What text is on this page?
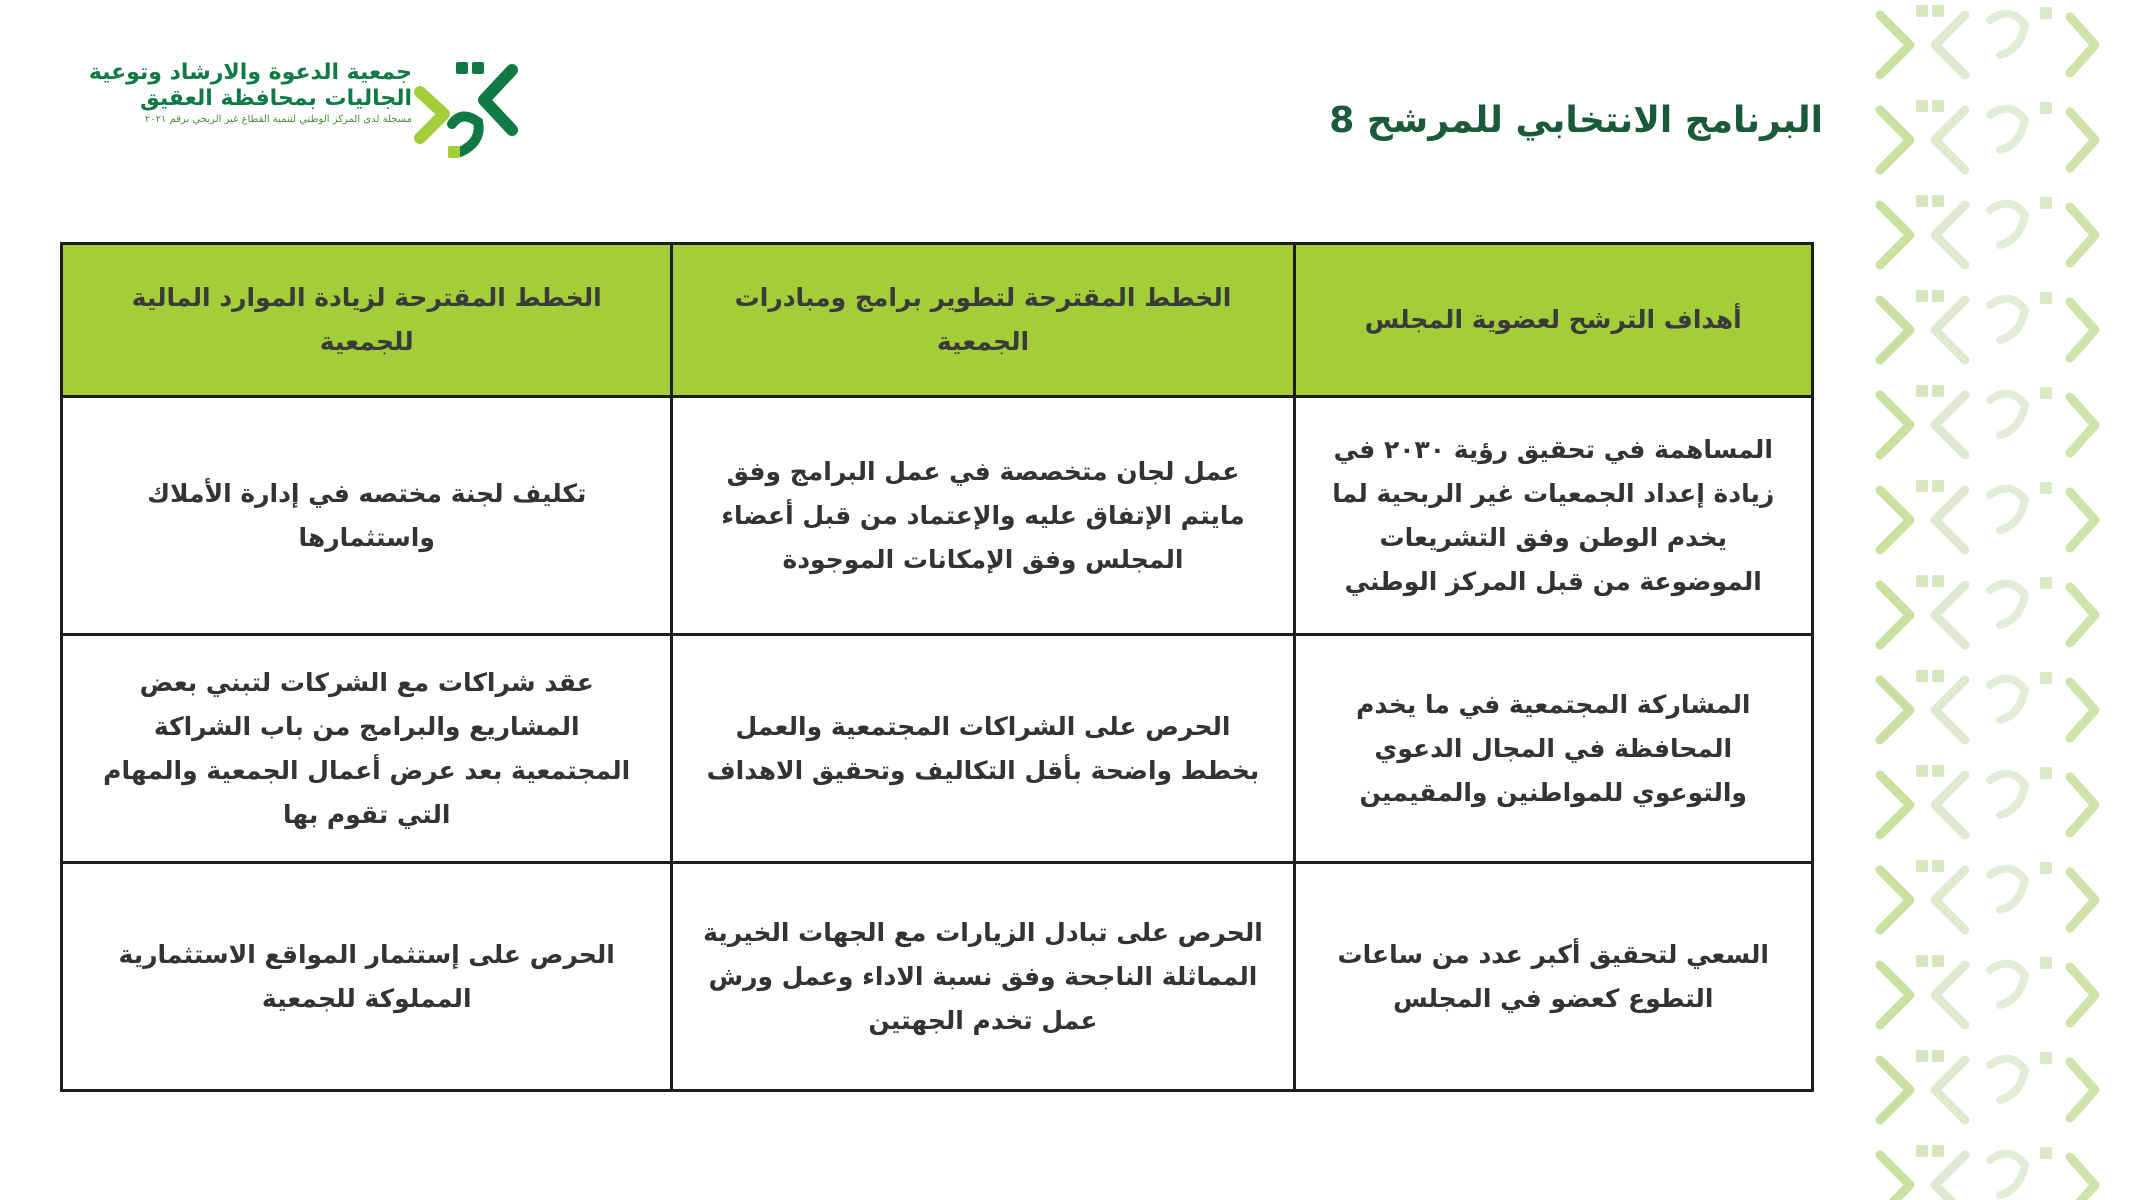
جمعية الدعوة والارشاد وتوعية
الجاليات بمحافظة العقيق
مسجلة لدى المركز الوطني لتنمية القطاع غير الربحي برقم ٢٠٢١	البرنامج الانتخابي للمرشح 8
أهداف الترشح لعضوية المجلس	الخطط المقترحة لتطوير برامج ومبادرات الجمعية	الخطط المقترحة لزيادة الموارد المالية للجمعية
المساهمة في تحقيق رؤية ٢٠٣٠ في زيادة إعداد الجمعيات غير الربحية لما يخدم الوطن وفق التشريعات الموضوعة من قبل المركز الوطني	عمل لجان متخصصة في عمل البرامج وفق مايتم الإتفاق عليه والإعتماد من قبل أعضاء المجلس وفق الإمكانات الموجودة	تكليف لجنة مختصه في إدارة الأملاك واستثمارها
المشاركة المجتمعية في ما يخدم المحافظة في المجال الدعوي والتوعوي للمواطنين والمقيمين	الحرص على الشراكات المجتمعية والعمل بخطط واضحة بأقل التكاليف وتحقيق الاهداف	عقد شراكات مع الشركات لتبني بعض المشاريع والبرامج من باب الشراكة المجتمعية بعد عرض أعمال الجمعية والمهام التي تقوم بها
السعي لتحقيق أكبر عدد من ساعات التطوع كعضو في المجلس	الحرص على تبادل الزيارات مع الجهات الخيرية المماثلة الناجحة وفق نسبة الاداء وعمل ورش عمل تخدم الجهتين	الحرص على إستثمار المواقع الاستثمارية المملوكة للجمعية
